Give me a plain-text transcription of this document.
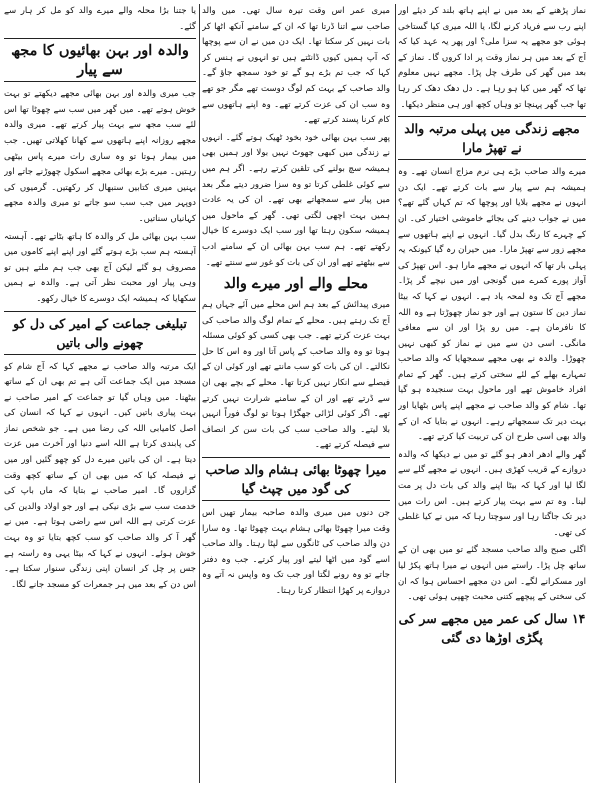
نماز پڑھنے کے بعد میں نے اپنے ہاتھ بلند کر دیئے اور اپنے رب سے فریاد کرنے لگا، یا اللہ میری کیا گستاخی ہوئی جو مجھے یہ سزا ملی؟ اور پھر یہ عہد کیا کہ آج کے بعد میں ہر نماز وقت پر ادا کروں گا۔ نماز کے بعد میں گھر کی طرف چل پڑا۔ مجھے نہیں معلوم تھا کہ گھر میں کیا ہو رہا ہے۔ دل دھک دھک کر رہا تھا جب گھر پہنچا تو وہاں کچھ اور ہی منظر دیکھا۔

مجھے زندگی میں پہلی مرتبہ والد نے تھپڑ مارا

میرے والد صاحب بڑے ہی نرم مزاج انسان تھے۔ وہ ہمیشہ ہم سے پیار سے بات کرتے تھے۔ ایک دن انہوں نے مجھے بلایا اور پوچھا کہ تم کہاں گئے تھے؟ میں نے جواب دینے کی بجائے خاموشی اختیار کی۔ ان کے چہرے کا رنگ بدل گیا۔ انہوں نے اپنے ہاتھوں سے مجھے زور سے تھپڑ مارا۔ میں حیران رہ گیا کیونکہ یہ پہلی بار تھا کہ انہوں نے مجھے مارا ہو۔ اس تھپڑ کی آواز پورے کمرے میں گونجی اور میں نیچے گر پڑا۔ مجھے آج تک وہ لمحہ یاد ہے۔ انہوں نے کہا کہ بیٹا نماز دین کا ستون ہے اور جو نماز چھوڑتا ہے وہ اللہ کا نافرمان ہے۔ میں رو پڑا اور ان سے معافی مانگی۔ اسی دن سے میں نے نماز کو کبھی نہیں چھوڑا۔ والدہ نے بھی مجھے سمجھایا کہ والد صاحب تمہارے بھلے کے لئے سختی کرتے ہیں۔ گھر کے تمام افراد خاموش تھے اور ماحول بہت سنجیدہ ہو گیا تھا۔ شام کو والد صاحب نے مجھے اپنے پاس بٹھایا اور بہت دیر تک سمجھاتے رہے۔ انہوں نے بتایا کہ ان کے والد بھی اسی طرح ان کی تربیت کیا کرتے تھے۔

گھر والے ادھر ادھر ہو گئے تو میں نے دیکھا کہ والدہ دروازے کے قریب کھڑی ہیں۔ انہوں نے مجھے گلے سے لگا لیا اور کہا کہ بیٹا اپنے والد کی بات دل پر مت لینا۔ وہ تم سے بہت پیار کرتے ہیں۔ اس رات میں دیر تک جاگتا رہا اور سوچتا رہا کہ میں نے کیا غلطی کی تھی۔

اگلی صبح والد صاحب مسجد گئے تو میں بھی ان کے ساتھ چل پڑا۔ راستے میں انہوں نے میرا ہاتھ پکڑ لیا اور مسکرانے لگے۔ اس دن مجھے احساس ہوا کہ ان کی سختی کے پیچھے کتنی محبت چھپی ہوئی تھی۔

۱۴ سال کی عمر میں مجھے سر کی پگڑی اوڑھا دی گئی

میری عمر اس وقت تیرہ سال تھی۔ میں والد صاحب سے اتنا ڈرتا تھا کہ ان کے سامنے آنکھ اٹھا کر بات نہیں کر سکتا تھا۔ ایک دن میں نے ان سے پوچھا کہ آپ ہمیں کیوں ڈانٹتے ہیں تو انہوں نے ہنس کر کہا کہ جب تم بڑے ہو گے تو خود سمجھ جاؤ گے۔ والد صاحب کے بہت کم لوگ دوست تھے مگر جو تھے وہ سب ان کی عزت کرتے تھے۔ وہ اپنے ہاتھوں سے کام کرنا پسند کرتے تھے۔

پھر سب بہن بھائی خود بخود ٹھیک ہوتے گئے۔ انہوں نے زندگی میں کبھی جھوٹ نہیں بولا اور ہمیں بھی ہمیشہ سچ بولنے کی تلقین کرتے رہے۔ اگر ہم میں سے کوئی غلطی کرتا تو وہ سزا ضرور دیتے مگر بعد میں پیار سے سمجھاتے بھی تھے۔ ان کی یہ عادت ہمیں بہت اچھی لگتی تھی۔ گھر کے ماحول میں ہمیشہ سکون رہتا تھا اور سب ایک دوسرے کا خیال رکھتے تھے۔ ہم سب بہن بھائی ان کے سامنے ادب سے بیٹھتے تھے اور ان کی بات کو غور سے سنتے تھے۔

محلے والے اور میرے والد

میری پیدائش کے بعد ہم اس محلے میں آئے جہاں ہم آج تک رہتے ہیں۔ محلے کے تمام لوگ والد صاحب کی بہت عزت کرتے تھے۔ جب بھی کسی کو کوئی مسئلہ ہوتا تو وہ والد صاحب کے پاس آتا اور وہ اس کا حل نکالتے۔ ان کی بات کو سب مانتے تھے اور کوئی ان کے فیصلے سے انکار نہیں کرتا تھا۔ محلے کے بچے بھی ان سے ڈرتے تھے اور ان کے سامنے شرارت نہیں کرتے تھے۔ اگر کوئی لڑائی جھگڑا ہوتا تو لوگ فوراً انہیں بلا لیتے۔ والد صاحب سب کی بات سن کر انصاف سے فیصلہ کرتے تھے۔

میرا چھوٹا بھائی ہشام والد صاحب کی گود میں چپٹ گیا

جن دنوں میں میری والدہ صاحبہ بیمار تھیں اس وقت میرا چھوٹا بھائی ہشام بہت چھوٹا تھا۔ وہ سارا دن والد صاحب کی ٹانگوں سے لپٹا رہتا۔ والد صاحب اسے گود میں اٹھا لیتے اور پیار کرتے۔ جب وہ دفتر جاتے تو وہ رونے لگتا اور جب تک وہ واپس نہ آتے وہ دروازے پر کھڑا انتظار کرتا رہتا۔

یا جتنا بڑا محلہ والے میرے والد کو مل کر ہار سے گئے۔

والدہ اور بہن بھائیوں کا مجھ سے پیار

جب میری والدہ اور بہن بھائی مجھے دیکھتے تو بہت خوش ہوتے تھے۔ میں گھر میں سب سے چھوٹا تھا اس لئے سب مجھ سے بہت پیار کرتے تھے۔ میری والدہ مجھے روزانہ اپنے ہاتھوں سے کھانا کھلاتی تھیں۔ جب میں بیمار ہوتا تو وہ ساری رات میرے پاس بیٹھی رہتیں۔ میرے بڑے بھائی مجھے اسکول چھوڑنے جاتے اور بہنیں میری کتابیں سنبھال کر رکھتیں۔ گرمیوں کی دوپہر میں جب سب سو جاتے تو میری والدہ مجھے کہانیاں سناتیں۔

سب بہن بھائی مل کر والدہ کا ہاتھ بٹاتے تھے۔ آہستہ آہستہ ہم سب بڑے ہوتے گئے اور اپنے اپنے کاموں میں مصروف ہو گئے لیکن آج بھی جب ہم ملتے ہیں تو وہی پیار اور محبت نظر آتی ہے۔ والدہ نے ہمیں سکھایا کہ ہمیشہ ایک دوسرے کا خیال رکھو۔

تبلیغی جماعت کے امیر کی دل کو چھونے والی باتیں

ایک مرتبہ والد صاحب نے مجھے کہا کہ آج شام کو مسجد میں ایک جماعت آئی ہے تم بھی ان کے ساتھ بیٹھنا۔ میں وہاں گیا تو جماعت کے امیر صاحب نے بہت پیاری باتیں کیں۔ انہوں نے کہا کہ انسان کی اصل کامیابی اللہ کی رضا میں ہے۔ جو شخص نماز کی پابندی کرتا ہے اللہ اسے دنیا اور آخرت میں عزت دیتا ہے۔ ان کی باتیں میرے دل کو چھو گئیں اور میں نے فیصلہ کیا کہ میں بھی ان کے ساتھ کچھ وقت گزاروں گا۔ امیر صاحب نے بتایا کہ ماں باپ کی خدمت سب سے بڑی نیکی ہے اور جو اولاد والدین کی عزت کرتی ہے اللہ اس سے راضی ہوتا ہے۔ میں نے گھر آ کر والد صاحب کو سب کچھ بتایا تو وہ بہت خوش ہوئے۔ انہوں نے کہا کہ بیٹا یہی وہ راستہ ہے جس پر چل کر انسان اپنی زندگی سنوار سکتا ہے۔ اس دن کے بعد میں ہر جمعرات کو مسجد جانے لگا۔
